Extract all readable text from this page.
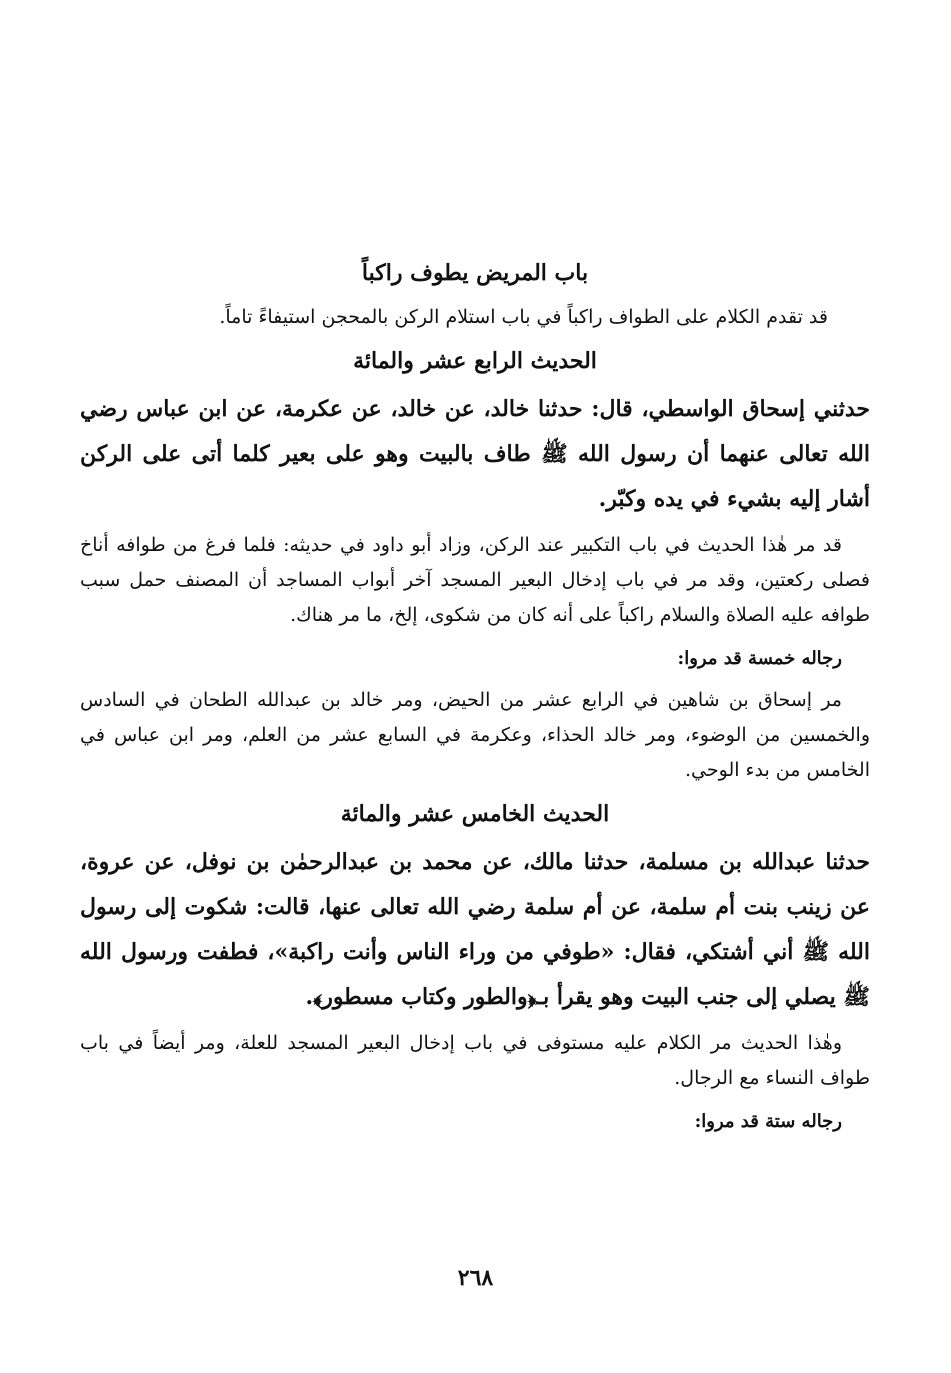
باب المريض يطوف راكباً

قد تقدم الكلام على الطواف راكباً في باب استلام الركن بالمحجن استيفاءً تاماً.

الحديث الرابع عشر والمائة

حدثني إسحاق الواسطي، قال: حدثنا خالد، عن خالد، عن عكرمة، عن ابن عباس رضي الله تعالى عنهما أن رسول الله ﷺ طاف بالبيت وهو على بعير كلما أتى على الركن أشار إليه بشيء في يده وكبّر.

قد مر هٰذا الحديث في باب التكبير عند الركن، وزاد أبو داود في حديثه: فلما فرغ من طوافه أناخ فصلى ركعتين، وقد مر في باب إدخال البعير المسجد آخر أبواب المساجد أن المصنف حمل سبب طوافه عليه الصلاة والسلام راكباً على أنه كان من شكوى، إلخ، ما مر هناك.

رجاله خمسة قد مروا:

مر إسحاق بن شاهين في الرابع عشر من الحيض، ومر خالد بن عبدالله الطحان في السادس والخمسين من الوضوء، ومر خالد الحذاء، وعكرمة في السابع عشر من العلم، ومر ابن عباس في الخامس من بدء الوحي.

الحديث الخامس عشر والمائة

حدثنا عبدالله بن مسلمة، حدثنا مالك، عن محمد بن عبدالرحمٰن بن نوفل، عن عروة، عن زينب بنت أم سلمة، عن أم سلمة رضي الله تعالى عنها، قالت: شكوت إلى رسول الله ﷺ أني أشتكي، فقال: «طوفي من وراء الناس وأنت راكبة»، فطفت ورسول الله ﷺ يصلي إلى جنب البيت وهو يقرأ بـ﴿والطور وكتاب مسطور﴾.

وهٰذا الحديث مر الكلام عليه مستوفى في باب إدخال البعير المسجد للعلة، ومر أيضاً في باب طواف النساء مع الرجال.

رجاله ستة قد مروا:

٢٦٨
